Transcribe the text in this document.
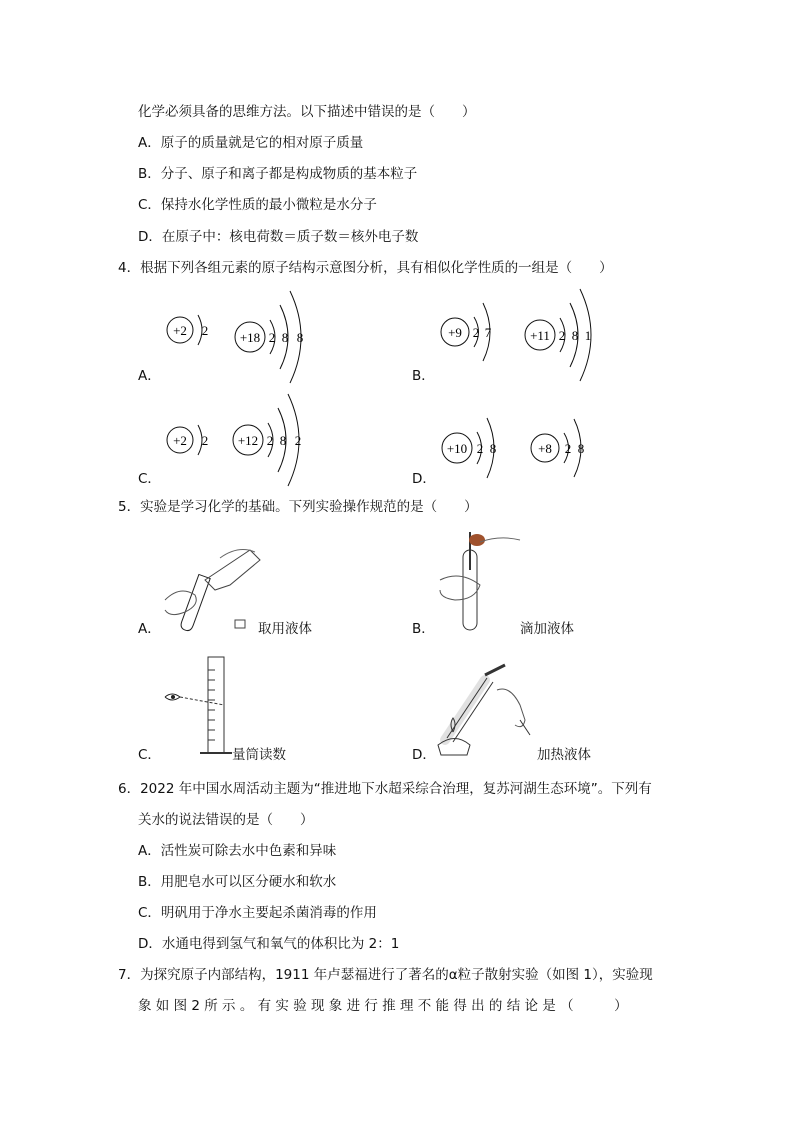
化学必须具备的思维方法。以下描述中错误的是（　　）
A．原子的质量就是它的相对原子质量
B．分子、原子和离子都是构成物质的基本粒子
C．保持水化学性质的最小微粒是水分子
D．在原子中：核电荷数＝质子数＝核外电子数
4．根据下列各组元素的原子结构示意图分析，具有相似化学性质的一组是（　　）
+2 2 +18 2 8 8
A．
+9 2 7	+11 2 8 1
B．
+2 2 +12 2 8 2
C．
+10 2 8	+8 2 8
D．
5．实验是学习化学的基础。下列实验操作规范的是（　　）
A．	取用液体	B．	滴加液体
C．	量筒读数	D．	加热液体
6．2022 年中国水周活动主题为“推进地下水超采综合治理，复苏河湖生态环境”。下列有
关水的说法错误的是（　　）
A．活性炭可除去水中色素和异味
B．用肥皂水可以区分硬水和软水
C．明矾用于净水主要起杀菌消毒的作用
D．水通电得到氢气和氧气的体积比为 2：1
7．为探究原子内部结构，1911 年卢瑟福进行了著名的α粒子散射实验（如图 1），实验现
象 如 图 2 所 示 。 有 实 验 现 象 进 行 推 理 不 能 得 出 的 结 论 是 （　　　）
